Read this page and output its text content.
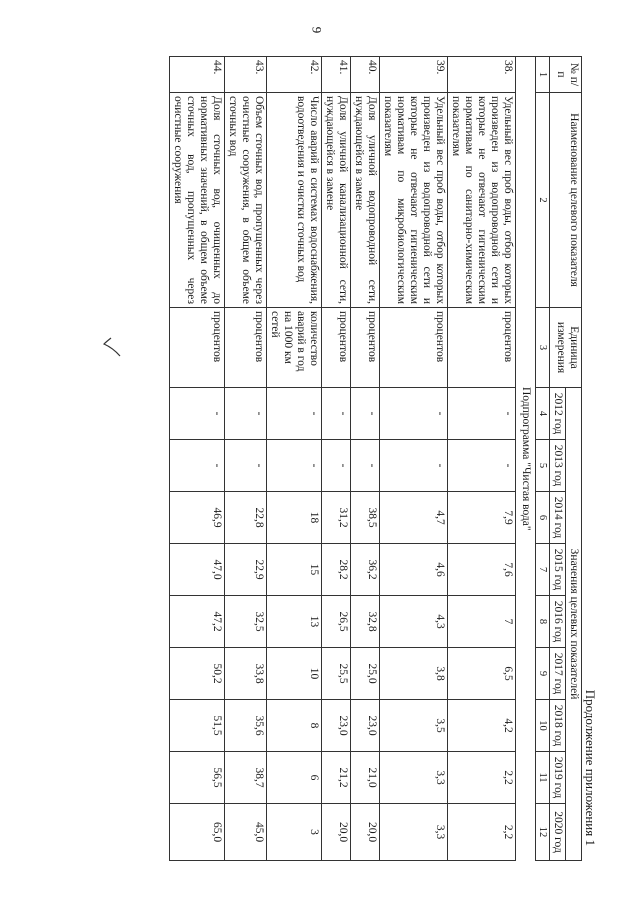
9
Продолжение приложения 1
№ п/п	Наименование целевого показателя	Единица измерения	Значения целевых показателей								
			2012 год	2013 год	2014 год	2015 год	2016 год	2017 год	2018 год	2019 год	2020 год
1	2	3	4	5	6	7	8	9	10	11	12
Подпрограмма "Чистая вода"											
38.	Удельный вес проб воды, отбор которых произведен из водопроводной сети и которые не отвечают гигиеническим нормативам по санитарно-химическим показателям	процентов	-	-	7,9	7,6	7	6,5	4,2	2,2	2,2
39.	Удельный вес проб воды, отбор которых произведен из водопроводной сети и которые не отвечают гигиеническим нормативам по микробиологическим показателям	процентов	-	-	4,7	4,6	4,3	3,8	3,5	3,3	3,3
40.	Доля уличной водопроводной сети, нуждающейся в замене	процентов	-	-	38,5	36,2	32,8	25,0	23,0	21,0	20,0
41.	Доля уличной канализационной сети, нуждающейся в замене	процентов	-	-	31,2	28,2	26,5	25,5	23,0	21,2	20,0
42.	Число аварий в системах водоснабжения, водоотведения и очистки сточных вод	количество аварий в год на 1000 км сетей	-	-	18	15	13	10	8	6	3
43.	Объем сточных вод, пропущенных через очистные сооружения, в общем объеме сточных вод	процентов	-	-	22,8	22,9	32,5	33,8	35,6	38,7	45,0
44.	Доля сточных вод, очищенных до нормативных значений, в общем объеме сточных вод, пропущенных через очистные сооружения	процентов	-	-	46,9	47,0	47,2	50,2	51,5	56,5	65,0
